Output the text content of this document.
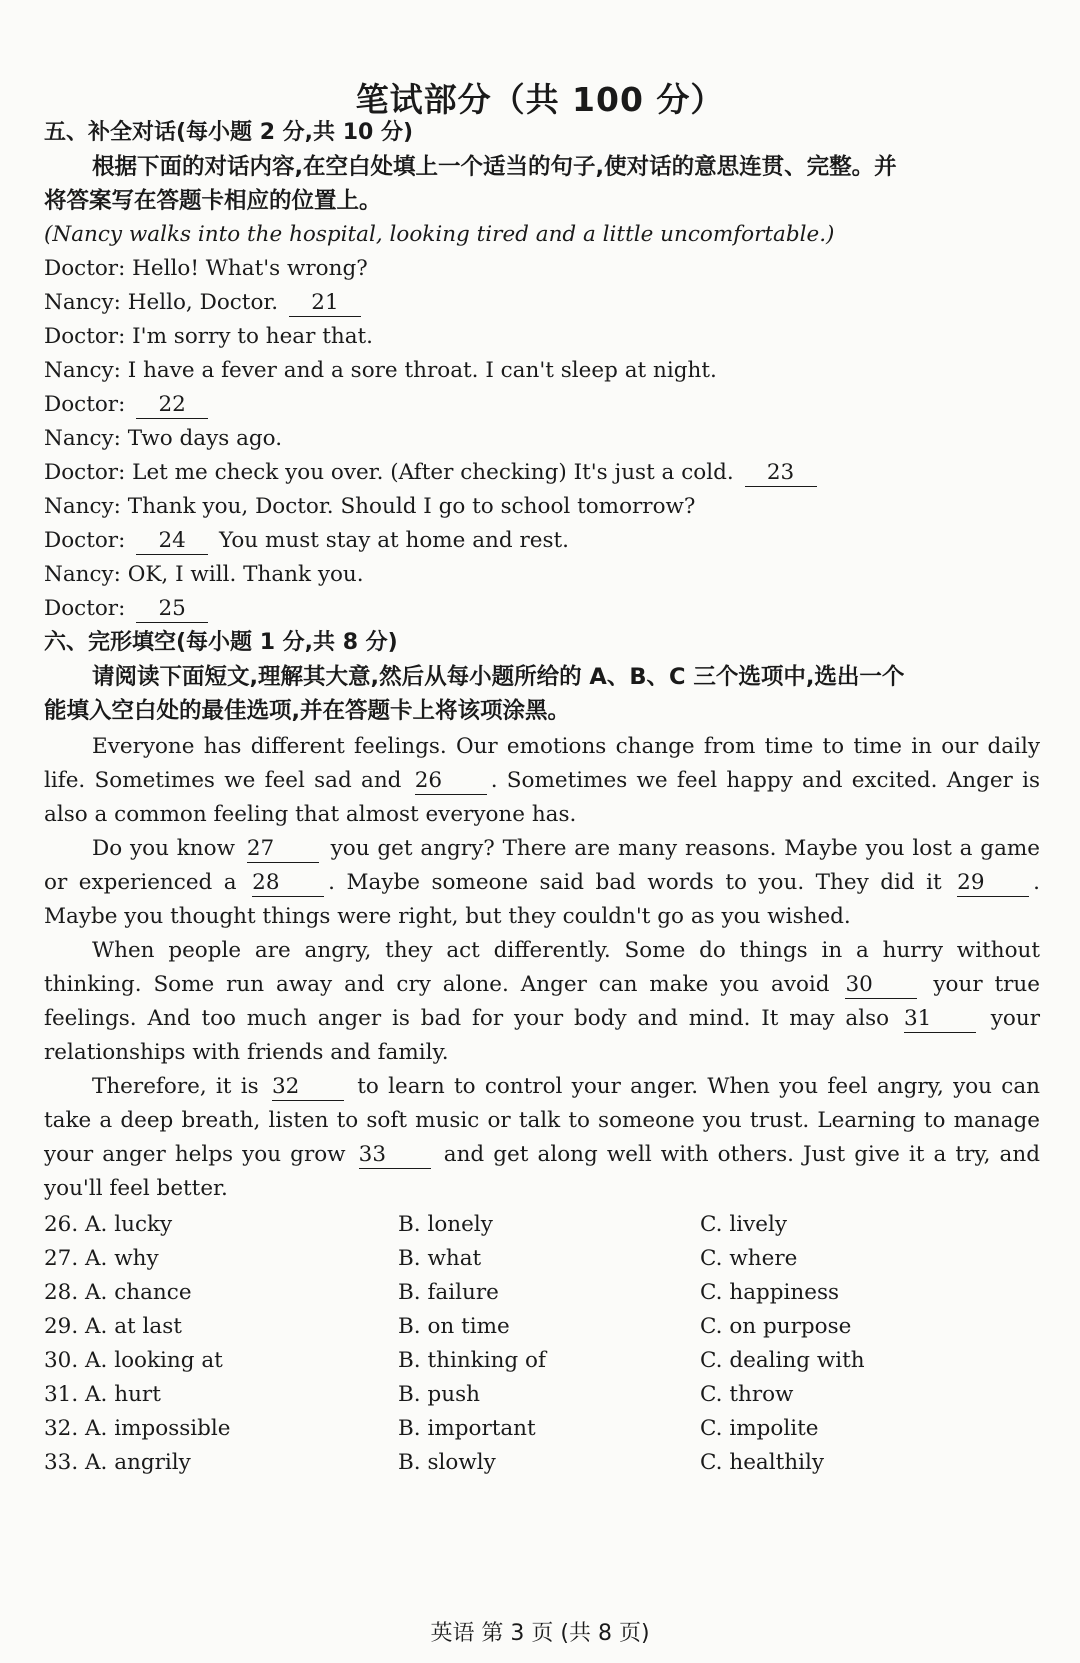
笔试部分（共 100 分）
五、补全对话(每小题 2 分,共 10 分)
根据下面的对话内容,在空白处填上一个适当的句子,使对话的意思连贯、完整。并
将答案写在答题卡相应的位置上。
(Nancy walks into the hospital, looking tired and a little uncomfortable.)
Doctor: Hello! What's wrong?
Nancy: Hello, Doctor. 21
Doctor: I'm sorry to hear that.
Nancy: I have a fever and a sore throat. I can't sleep at night.
Doctor: 22
Nancy: Two days ago.
Doctor: Let me check you over. (After checking) It's just a cold. 23
Nancy: Thank you, Doctor. Should I go to school tomorrow?
Doctor: 24 You must stay at home and rest.
Nancy: OK, I will. Thank you.
Doctor: 25
六、完形填空(每小题 1 分,共 8 分)
请阅读下面短文,理解其大意,然后从每小题所给的 A、B、C 三个选项中,选出一个
能填入空白处的最佳选项,并在答题卡上将该项涂黑。
Everyone has different feelings. Our emotions change from time to time in our daily
life. Sometimes we feel sad and 26 . Sometimes we feel happy and excited. Anger is
also a common feeling that almost everyone has.
Do you know 27	you get angry? There are many reasons. Maybe you lost a game
or experienced a 28 . Maybe someone said bad words to you. They did it 29 .
Maybe you thought things were right, but they couldn't go as you wished.
When people are angry, they act differently. Some do things in a hurry without
thinking. Some run away and cry alone. Anger can make you avoid 30	your true
feelings. And too much anger is bad for your body and mind. It may also 31	your
relationships with friends and family.
Therefore, it is 32	to learn to control your anger. When you feel angry, you can
take a deep breath, listen to soft music or talk to someone you trust. Learning to manage
your anger helps you grow 33	and get along well with others. Just give it a try, and
you'll feel better.
26. A. lucky	B. lonely	C. lively
27. A. why	B. what	C. where
28. A. chance	B. failure	C. happiness
29. A. at last	B. on time	C. on purpose
30. A. looking at	B. thinking of	C. dealing with
31. A. hurt	B. push	C. throw
32. A. impossible	B. important	C. impolite
33. A. angrily	B. slowly	C. healthily
英语 第 3 页 (共 8 页)
